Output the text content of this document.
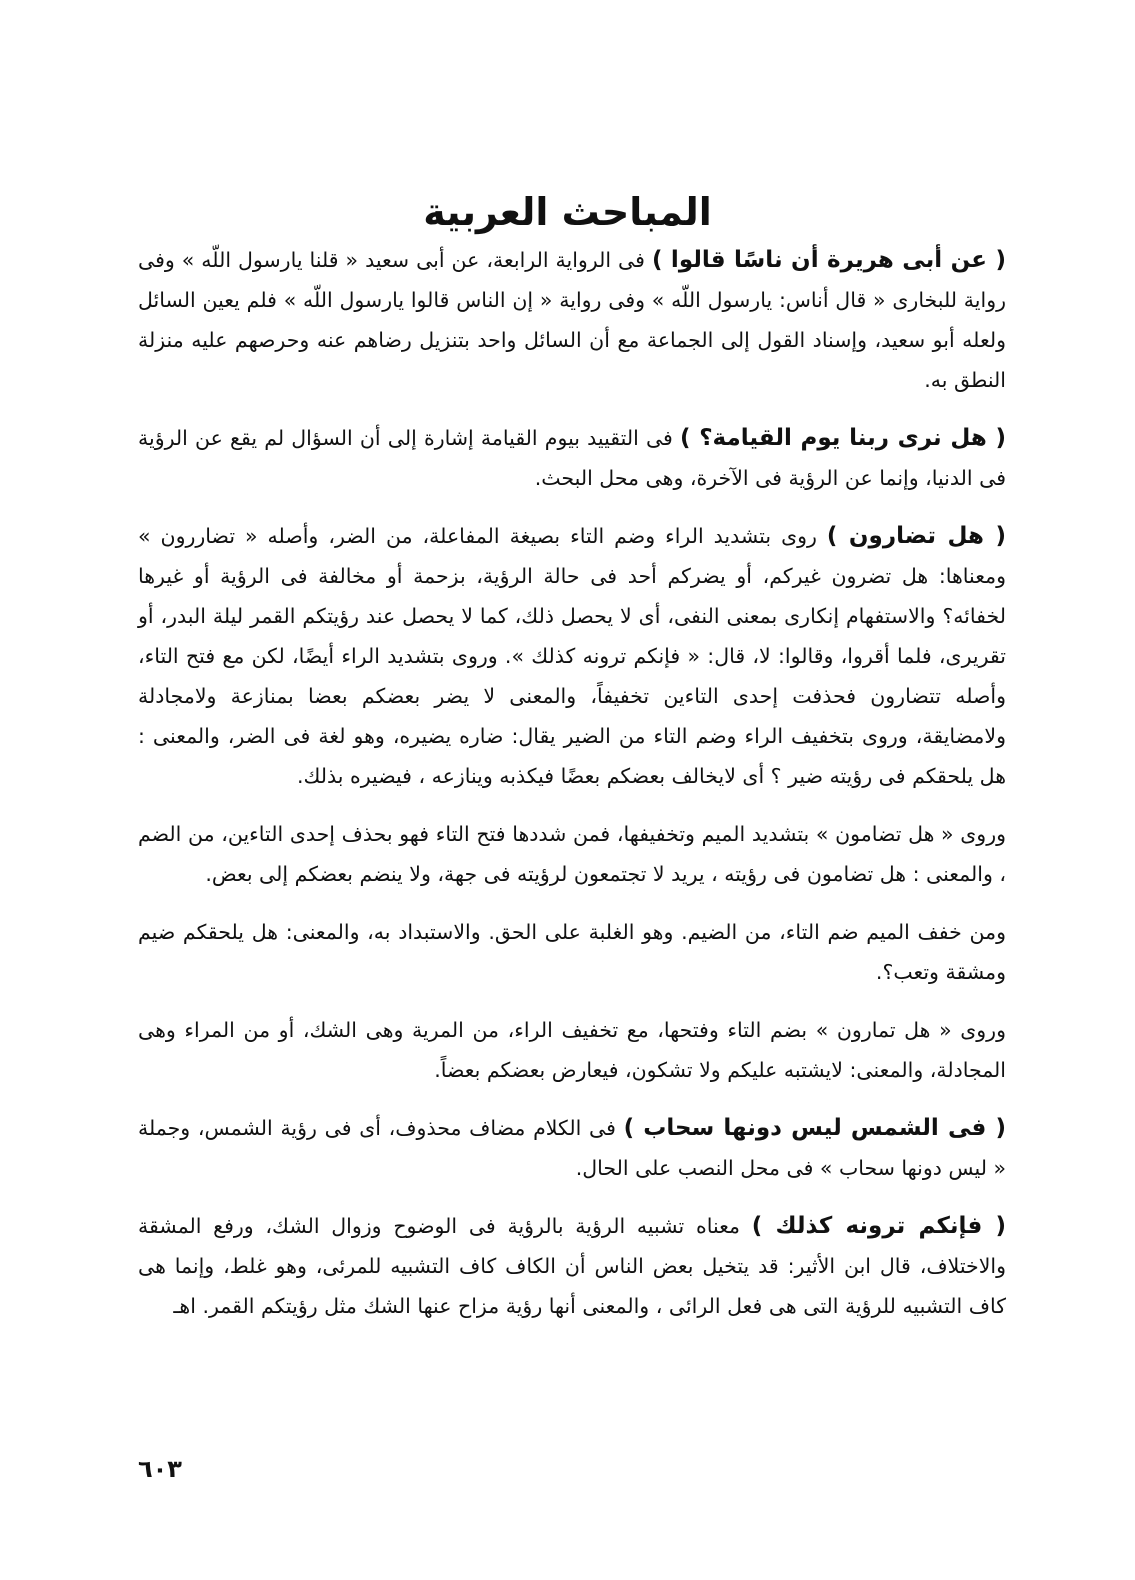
المباحث العربية

( عن أبى هريرة أن ناسًا قالوا ) فى الرواية الرابعة، عن أبى سعيد « قلنا يارسول اللّه » وفى رواية للبخارى « قال أناس: يارسول اللّه » وفى رواية « إن الناس قالوا يارسول اللّه » فلم يعين السائل ولعله أبو سعيد، وإسناد القول إلى الجماعة مع أن السائل واحد بتنزيل رضاهم عنه وحرصهم عليه منزلة النطق به.

( هل نرى ربنا يوم القيامة؟ ) فى التقييد بيوم القيامة إشارة إلى أن السؤال لم يقع عن الرؤية فى الدنيا، وإنما عن الرؤية فى الآخرة، وهى محل البحث.

( هل تضارون ) روى بتشديد الراء وضم التاء بصيغة المفاعلة، من الضر، وأصله « تضاررون » ومعناها: هل تضرون غيركم، أو يضركم أحد فى حالة الرؤية، بزحمة أو مخالفة فى الرؤية أو غيرها لخفائه؟ والاستفهام إنكارى بمعنى النفى، أى لا يحصل ذلك، كما لا يحصل عند رؤيتكم القمر ليلة البدر، أو تقريرى، فلما أقروا، وقالوا: لا، قال: « فإنكم ترونه كذلك ». وروى بتشديد الراء أيضًا، لكن مع فتح التاء، وأصله تتضارون فحذفت إحدى التاءين تخفيفاً، والمعنى لا يضر بعضكم بعضا بمنازعة ولامجادلة ولامضايقة، وروى بتخفيف الراء وضم التاء من الضير يقال: ضاره يضيره، وهو لغة فى الضر، والمعنى : هل يلحقكم فى رؤيته ضير ؟ أى لايخالف بعضكم بعضًا فيكذبه وينازعه ، فيضيره بذلك.

وروى « هل تضامون » بتشديد الميم وتخفيفها، فمن شددها فتح التاء فهو بحذف إحدى التاءين، من الضم ، والمعنى : هل تضامون فى رؤيته ، يريد لا تجتمعون لرؤيته فى جهة، ولا ينضم بعضكم إلى بعض.

ومن خفف الميم ضم التاء، من الضيم. وهو الغلبة على الحق. والاستبداد به، والمعنى: هل يلحقكم ضيم ومشقة وتعب؟.

وروى « هل تمارون » بضم التاء وفتحها، مع تخفيف الراء، من المرية وهى الشك، أو من المراء وهى المجادلة، والمعنى: لايشتبه عليكم ولا تشكون، فيعارض بعضكم بعضاً.

( فى الشمس ليس دونها سحاب ) فى الكلام مضاف محذوف، أى فى رؤية الشمس، وجملة « ليس دونها سحاب » فى محل النصب على الحال.

( فإنكم ترونه كذلك ) معناه تشبيه الرؤية بالرؤية فى الوضوح وزوال الشك، ورفع المشقة والاختلاف، قال ابن الأثير: قد يتخيل بعض الناس أن الكاف كاف التشبيه للمرئى، وهو غلط، وإنما هى كاف التشبيه للرؤية التى هى فعل الرائى ، والمعنى أنها رؤية مزاح عنها الشك مثل رؤيتكم القمر. اهـ

٦٠٣
